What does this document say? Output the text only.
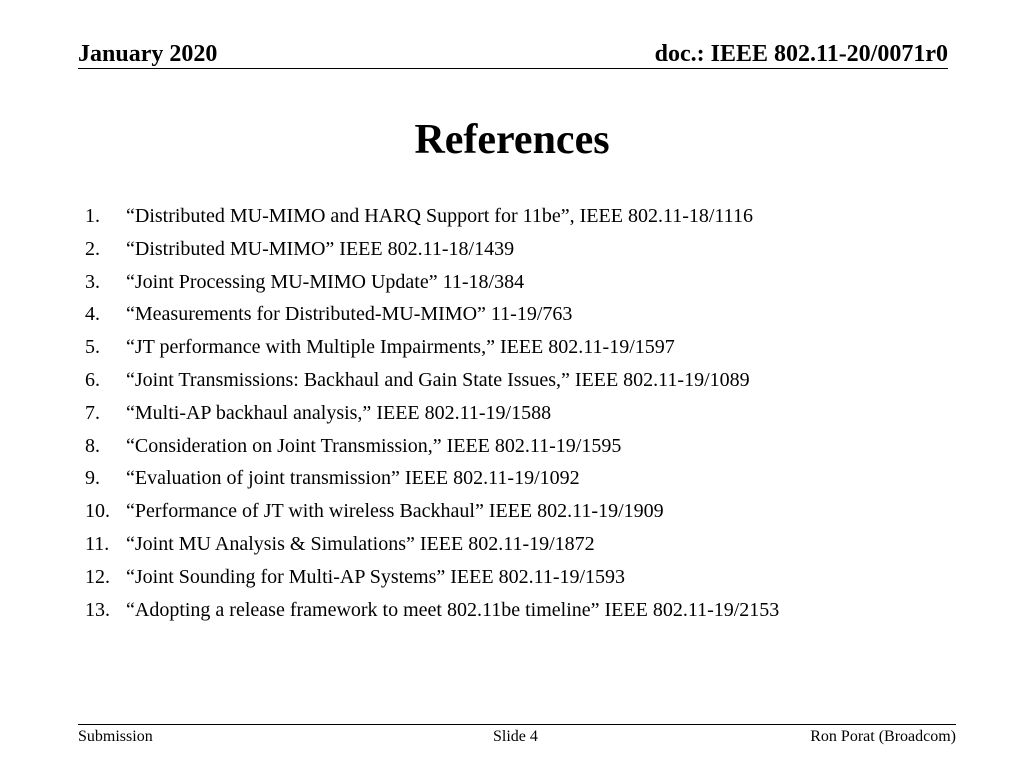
January 2020	doc.: IEEE 802.11-20/0071r0
References
1.	“Distributed MU-MIMO and HARQ Support for 11be”, IEEE 802.11-18/1116
2.	“Distributed MU-MIMO” IEEE 802.11-18/1439
3.	“Joint Processing MU-MIMO Update” 11-18/384
4.	“Measurements for Distributed-MU-MIMO” 11-19/763
5.	“JT performance with Multiple Impairments,” IEEE 802.11-19/1597
6.	“Joint Transmissions: Backhaul and Gain State Issues,” IEEE 802.11-19/1089
7.	“Multi-AP backhaul analysis,” IEEE 802.11-19/1588
8.	“Consideration on Joint Transmission,” IEEE 802.11-19/1595
9.	“Evaluation of joint transmission” IEEE 802.11-19/1092
10. “Performance of JT with wireless Backhaul” IEEE 802.11-19/1909
11. “Joint MU Analysis & Simulations” IEEE 802.11-19/1872
12. “Joint Sounding for Multi-AP Systems” IEEE 802.11-19/1593
13. “Adopting a release framework to meet 802.11be timeline” IEEE 802.11-19/2153
Submission	Slide 4	Ron Porat (Broadcom)
